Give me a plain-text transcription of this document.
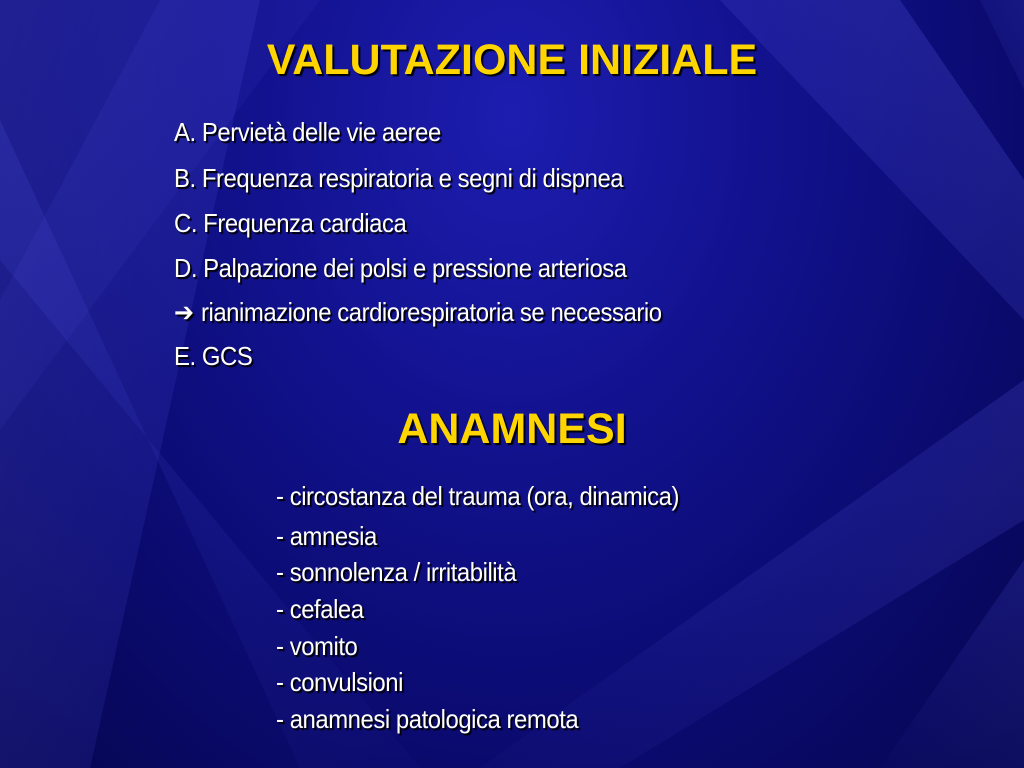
VALUTAZIONE INIZIALE
A. Pervietà delle vie aeree
B. Frequenza respiratoria e segni di dispnea
C. Frequenza cardiaca
D. Palpazione dei polsi e pressione arteriosa
➔ rianimazione cardiorespiratoria se necessario
E. GCS
ANAMNESI
- circostanza del trauma (ora, dinamica)
- amnesia
- sonnolenza / irritabilità
- cefalea
- vomito
- convulsioni
- anamnesi patologica remota
